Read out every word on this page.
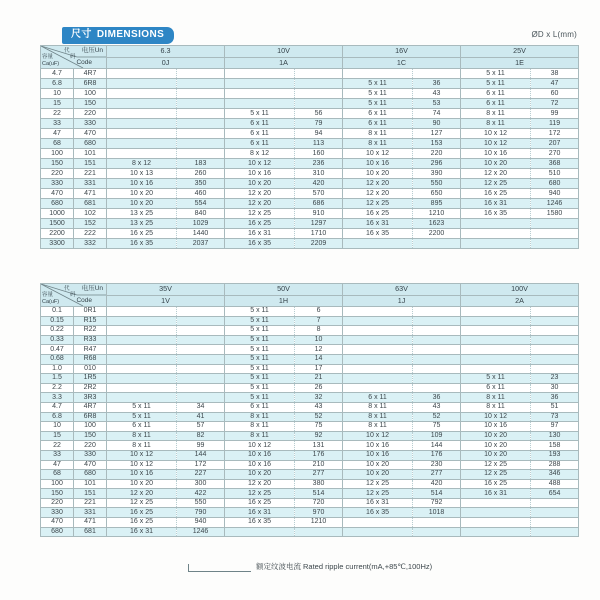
尺寸 DIMENSIONS	ØD x L(mm)
电压Un
Code
代
码
容量
Ca(uF)
	6.3	10V	16V	25V
		0J		1A		1C		1E	
4.7	4R7							5 x 11	38
6.8	6R8					5 x 11	36	5 x 11	47
10	100					5 x 11	43	6 x 11	60
15	150					5 x 11	53	6 x 11	72
22	220			5 x 11	56	6 x 11	74	8 x 11	99
33	330			6 x 11	79	6 x 11	90	8 x 11	119
47	470			6 x 11	94	8 x 11	127	10 x 12	172
68	680			6 x 11	113	8 x 11	153	10 x 12	207
100	101			8 x 12	160	10 x 12	220	10 x 16	270
150	151	8 x 12	183	10 x 12	236	10 x 16	296	10 x 20	368
220	221	10 x 13	260	10 x 16	310	10 x 20	390	12 x 20	510
330	331	10 x 16	350	10 x 20	420	12 x 20	550	12 x 25	680
470	471	10 x 20	460	12 x 20	570	12 x 20	650	16 x 25	940
680	681	10 x 20	554	12 x 20	686	12 x 25	895	16 x 31	1246
1000	102	13 x 25	840	12 x 25	910	16 x 25	1210	16 x 35	1580
1500	152	13 x 25	1029	16 x 25	1297	16 x 31	1623		
2200	222	16 x 25	1440	16 x 31	1710	16 x 35	2200		
3300	332	16 x 35	2037	16 x 35	2209				
电压Un
Code
代
码
容量
Ca(uF)
	35V	50V	63V	100V
		1V		1H		1J		2A	
0.1	0R1			5 x 11	6				
0.15	R15			5 x 11	7				
0.22	R22			5 x 11	8				
0.33	R33			5 x 11	10				
0.47	R47			5 x 11	12				
0.68	R68			5 x 11	14				
1.0	010			5 x 11	17				
1.5	1R5			5 x 11	21			5 x 11	23
2.2	2R2			5 x 11	26			6 x 11	30
3.3	3R3			5 x 11	32	6 x 11	36	8 x 11	36
4.7	4R7	5 x 11	34	6 x 11	43	8 x 11	43	8 x 11	51
6.8	6R8	5 x 11	41	8 x 11	52	8 x 11	52	10 x 12	73
10	100	6 x 11	57	8 x 11	75	8 x 11	75	10 x 16	97
15	150	8 x 11	82	8 x 11	92	10 x 12	109	10 x 20	130
22	220	8 x 11	99	10 x 12	131	10 x 16	144	10 x 20	158
33	330	10 x 12	144	10 x 16	176	10 x 16	176	10 x 20	193
47	470	10 x 12	172	10 x 16	210	10 x 20	230	12 x 25	288
68	680	10 x 16	227	10 x 20	277	10 x 20	277	12 x 25	346
100	101	10 x 20	300	12 x 20	380	12 x 25	420	16 x 25	488
150	151	12 x 20	422	12 x 25	514	12 x 25	514	16 x 31	654
220	221	12 x 25	550	16 x 25	720	16 x 31	792		
330	331	16 x 25	790	16 x 31	970	16 x 35	1018		
470	471	16 x 25	940	16 x 35	1210				
680	681	16 x 31	1246						
额定纹波电流 Rated ripple current(mA,+85℃,100Hz)
